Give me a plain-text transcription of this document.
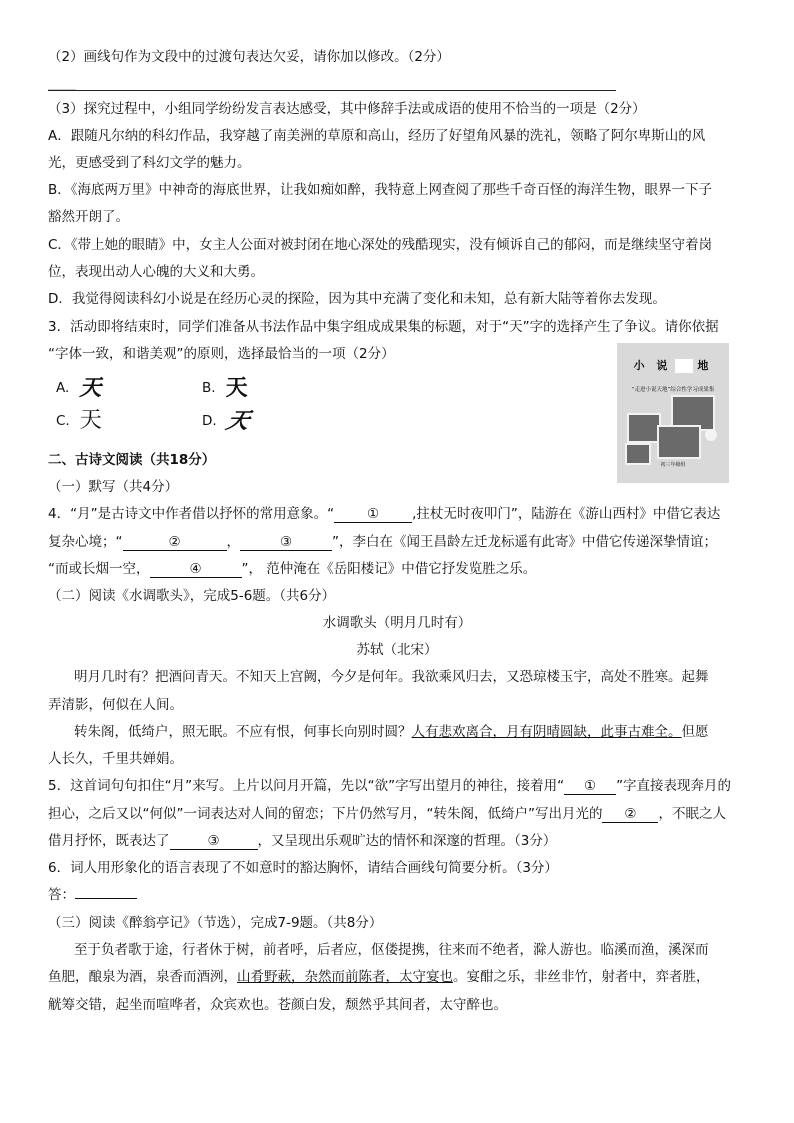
（2）画线句作为文段中的过渡句表达欠妥，请你加以修改。（2分）
（3）探究过程中，小组同学纷纷发言表达感受，其中修辞手法或成语的使用不恰当的一项是（2分）
A．跟随凡尔纳的科幻作品，我穿越了南美洲的草原和高山，经历了好望角风暴的洗礼，领略了阿尔卑斯山的风
光，更感受到了科幻文学的魅力。
B．《海底两万里》中神奇的海底世界，让我如痴如醉，我特意上网查阅了那些千奇百怪的海洋生物，眼界一下子
豁然开朗了。
C．《带上她的眼睛》中，女主人公面对被封闭在地心深处的残酷现实，没有倾诉自己的郁闷，而是继续坚守着岗
位，表现出动人心魄的大义和大勇。
D．我觉得阅读科幻小说是在经历心灵的探险，因为其中充满了变化和未知，总有新大陆等着你去发现。
3．活动即将结束时，同学们准备从书法作品中集字组成成果集的标题，对于“天”字的选择产生了争议。请你依据
“字体一致，和谐美观”的原则，选择最恰当的一项（2分）
A. 天	B. 天
C. 天	D. 天
小 说 地
“走进小说天地”综合性学习成果集
初三年级组
二、古诗文阅读（共18分）
（一）默写（共4分）
4．“月”是古诗文中作者借以抒怀的常用意象。“ ① ,拄杖无时夜叩门”，陆游在《游山西村》中借它表达
复杂心境；“	②	，	③	”，李白在《闻王昌龄左迁龙标遥有此寄》中借它传递深挚情谊；
“而或长烟一空，	④	”， 范仲淹在《岳阳楼记》中借它抒发览胜之乐。
（二）阅读《水调歌头》，完成5-6题。（共6分）
水调歌头（明月几时有）
苏轼（北宋）
明月几时有？把酒问青天。不知天上宫阙，今夕是何年。我欲乘风归去，又恐琼楼玉宇，高处不胜寒。起舞
弄清影，何似在人间。
转朱阁，低绮户，照无眠。不应有恨，何事长向别时圆？人有悲欢离合，月有阴晴圆缺，此事古难全。但愿
人长久，千里共婵娟。
5．这首词句句扣住“月”来写。上片以问月开篇，先以“欲”字写出望月的神往，接着用“ ① ”字直接表现奔月的
担心，之后又以“何似”一词表达对人间的留恋；下片仍然写月，“转朱阁，低绮户”写出月光的 ② ，不眠之人
借月抒怀，既表达了	③	，又呈现出乐观旷达的情怀和深邃的哲理。（3分）
6．词人用形象化的语言表现了不如意时的豁达胸怀，请结合画线句简要分析。（3分）
答：
（三）阅读《醉翁亭记》（节选），完成7-9题。（共8分）
至于负者歌于途，行者休于树，前者呼，后者应，伛偻提携，往来而不绝者，滁人游也。临溪而渔，溪深而
鱼肥，酿泉为酒，泉香而酒洌，山肴野蔌，杂然而前陈者，太守宴也。宴酣之乐，非丝非竹，射者中，弈者胜，
觥筹交错，起坐而喧哗者，众宾欢也。苍颜白发，颓然乎其间者，太守醉也。
